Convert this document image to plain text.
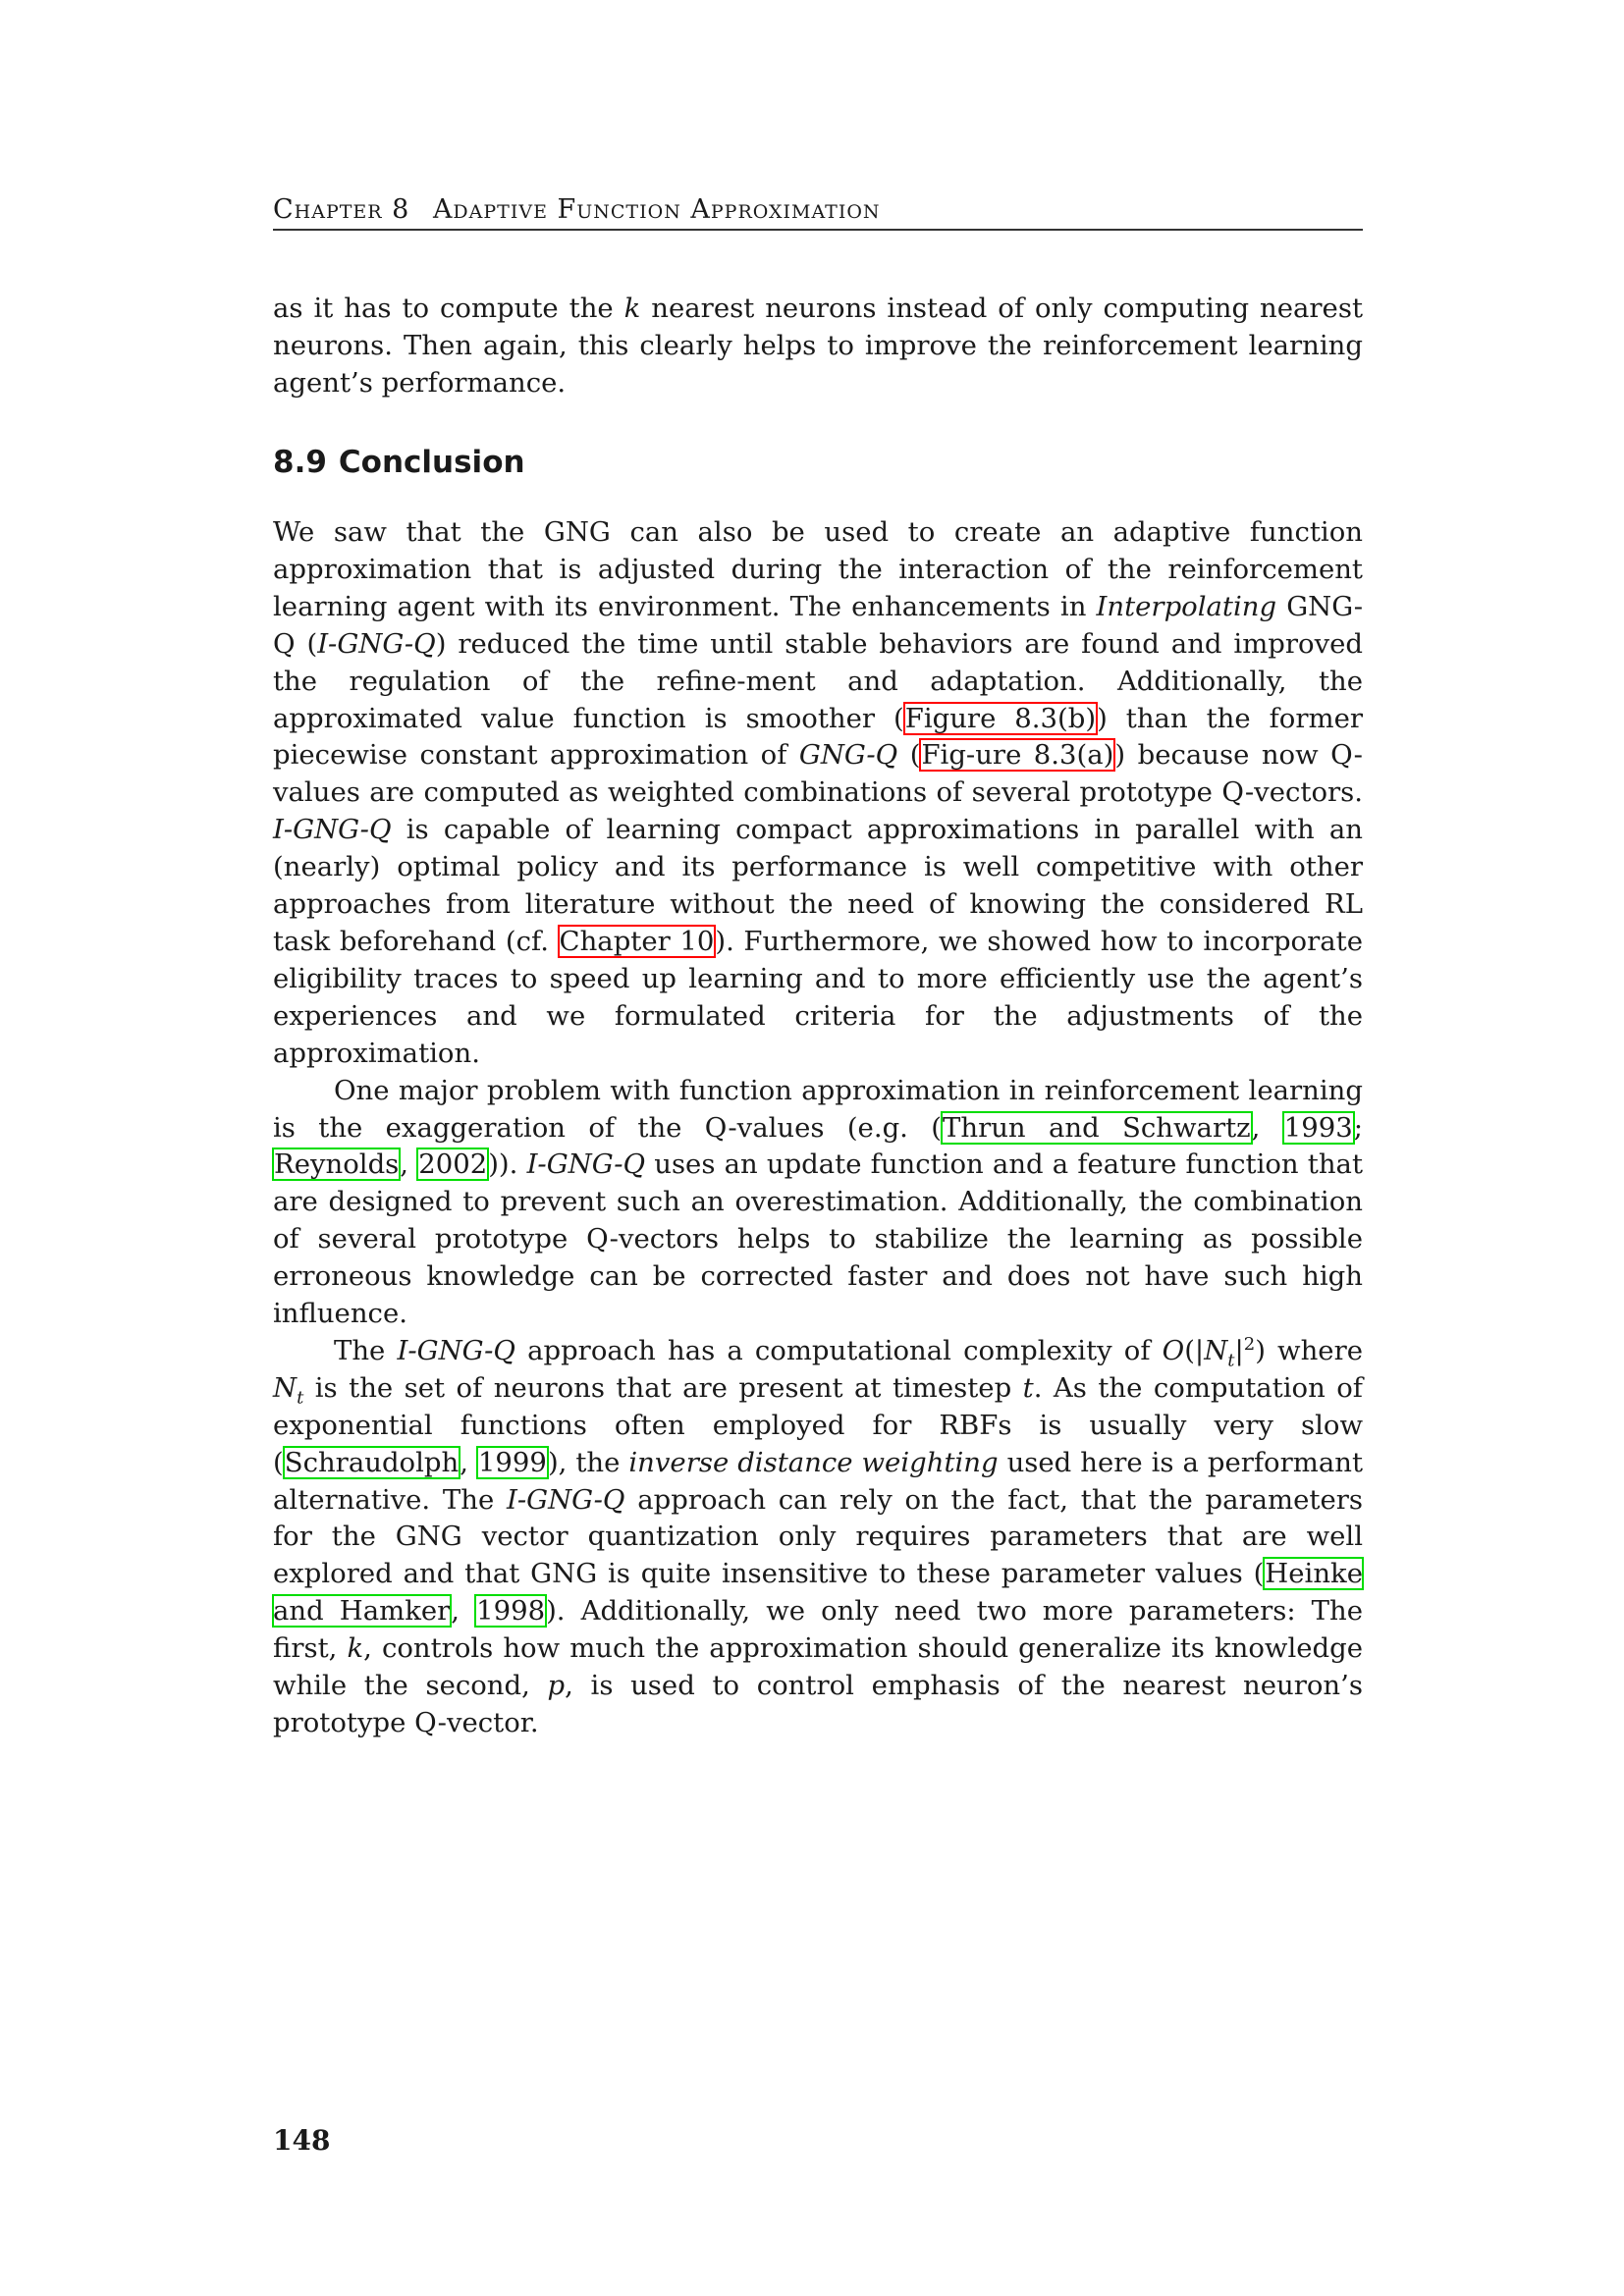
Chapter 8 Adaptive Function Approximation

as it has to compute the k nearest neurons instead of only computing nearest neurons. Then again, this clearly helps to improve the reinforcement learning agent’s performance.

8.9 Conclusion

We saw that the GNG can also be used to create an adaptive function approximation that is adjusted during the interaction of the reinforcement learning agent with its environment. The enhancements in Interpolating GNG-Q (I-GNG-Q) reduced the time until stable behaviors are found and improved the regulation of the refine-ment and adaptation. Additionally, the approximated value function is smoother (Figure 8.3(b)) than the former piecewise constant approximation of GNG-Q (Fig-ure 8.3(a)) because now Q-values are computed as weighted combinations of several prototype Q-vectors. I-GNG-Q is capable of learning compact approximations in parallel with an (nearly) optimal policy and its performance is well competitive with other approaches from literature without the need of knowing the considered RL task beforehand (cf. Chapter 10). Furthermore, we showed how to incorporate eligibility traces to speed up learning and to more efficiently use the agent’s experiences and we formulated criteria for the adjustments of the approximation.

One major problem with function approximation in reinforcement learning is the exaggeration of the Q-values (e.g. (Thrun and Schwartz, 1993; Reynolds, 2002)). I-GNG-Q uses an update function and a feature function that are designed to prevent such an overestimation. Additionally, the combination of several prototype Q-vectors helps to stabilize the learning as possible erroneous knowledge can be corrected faster and does not have such high influence.

The I-GNG-Q approach has a computational complexity of $O(|N_t|^2)$ where $N_t$ is the set of neurons that are present at timestep t. As the computation of exponential functions often employed for RBFs is usually very slow (Schraudolph, 1999), the inverse distance weighting used here is a performant alternative. The I-GNG-Q approach can rely on the fact, that the parameters for the GNG vector quantization only requires parameters that are well explored and that GNG is quite insensitive to these parameter values (Heinke and Hamker, 1998). Additionally, we only need two more parameters: The first, k, controls how much the approximation should generalize its knowledge while the second, p, is used to control emphasis of the nearest neuron’s prototype Q-vector.

148
